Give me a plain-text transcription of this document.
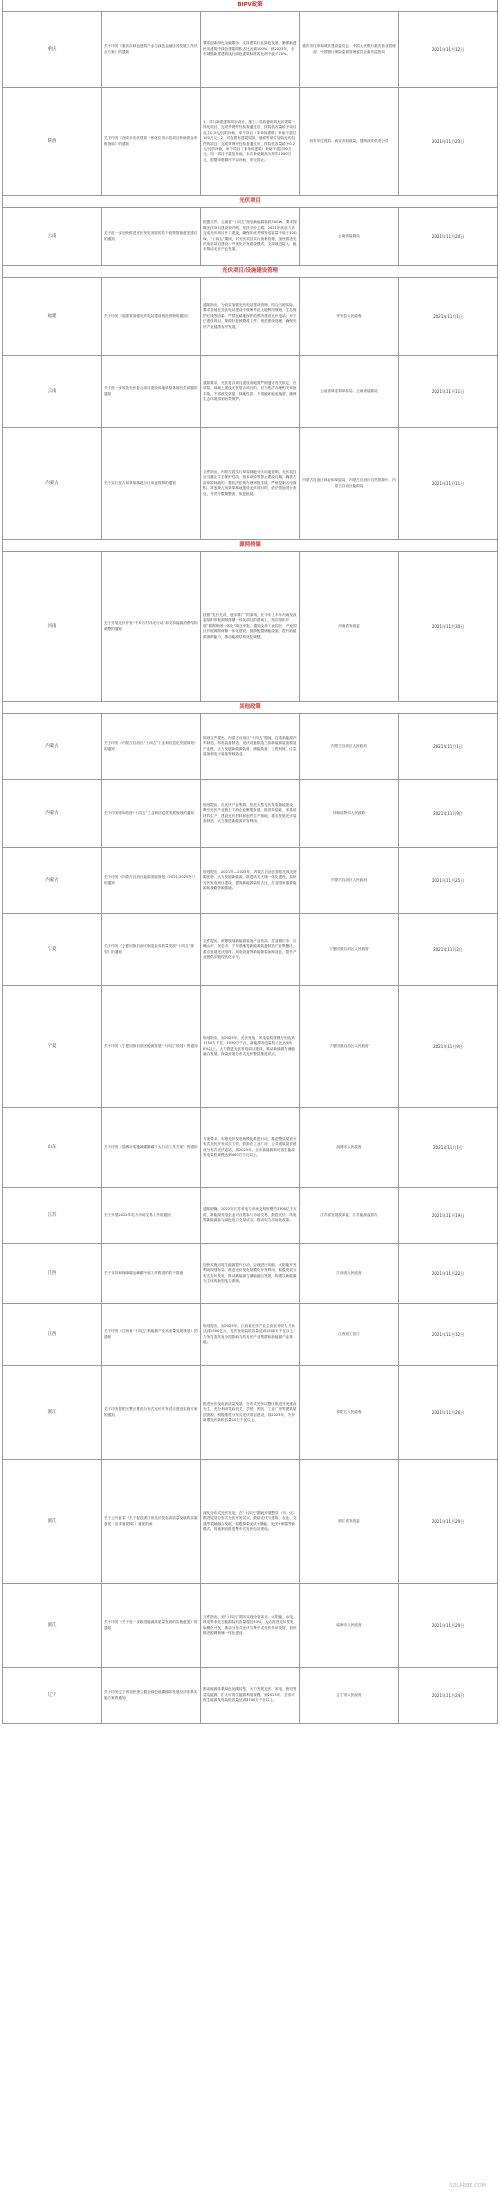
BIPV政策				
重庆	关于印发《重庆市绿色建筑产业与绿色金融协同发展工作试点方案》的通知	要求创新绿色金融服务，支持建筑行业绿色发展，确保新建民用建筑中绿色建筑面积占比达到100%，到2025年，全市城镇新建建筑执行绿色建筑标准的比例不低于70%。	重庆市住房和城乡建设委员会、中国人民银行重庆营业管理部、中国银行保险监督管理委员会重庆监管局	2021年11月12日
陕西	关于印发《西安市光伏建筑一体化应用示范项目补助资金申报指南》的通知	1、对与新建建筑同步设计、施工、验收使用的光伏建筑一体化项目，完成并网并经检查通过后，按装机容量给予项目业主0.3元/瓦的补助，单个项目（非单体建筑）补助不超过100万元；2、对在既有建筑屋顶、墙面等部位加装光伏组件的项目，完成并网并经检查通过后，按装机容量给予0.2元/瓦的补助，单个项目（非单体建筑）补助不超过50万元；同一项目不重复补助。本次补助最高为每年1000万元，根据申报顺序不以补助，申完即止。	西安市住建局、西安市财政局、国网西安供电公司	2021年11月23日
光伏项目				
云南	关于进一步加快推进光伏发电发展的若干政策措施意见建议的通知	根据文件，云南省“十四五”规划新能源装机50GW，要求保障光伏项目建设和并网，坚持平价上网，2021年底前力争完成光伏项目开工建设，确保年底并网发电容量不低于10GW。“十四五”期间，对光伏项目实行备案管理，加快推进光伏电站项目建设，并优化开发建设模式，支持就近接入，稳步推动光伏产业发展。	云南省能源局	2021年11月24日
光伏项目/设施建设管理				
福建	关于印发《福建省加强光伏电站建设规范管理的通知》	通知指出，为切实加强光伏电站建设管理，结合当地实际，要求各地在光伏电站建设中统筹考虑土地利用规划、生态保护红线等因素，严禁在耕地保护范围内建设光伏电站。对于已建设项目，要做好复核整改工作，规范建设管理，确保光伏产业健康有序发展。	华安县人民政府	2021年11月1日
云南	关于进一步规范光伏复合项目建设用地草原林地有关问题的通知	通知要求，光伏复合项目建设用地需严格遵守有关规定，在草原、林地上建设光伏复合项目的，应当依法办理相关审批手续，不得改变草原、林地性质，不得破坏地表植被，确保生态环境得到有效保护。	云南省林业和草原局、云南省能源局	2021年11月11日
内蒙古	关于实行在占用草原林地分区用途管制的通知	文件指出，内蒙古将实行草原林地分区用途管制。光伏项目应当避让生态保护红线、基本草原等禁止建设区域，确需占用草原林地的，要依法依规办理审批手续，严格控制占用面积。对违规占用草原林地建设光伏项目的，依法依规进行查处，并责令限期整改、恢复植被。	内蒙古自治区林业和草原局、内蒙古自治区自然资源厅、内蒙古自治区能源局	2021年11月11日
源网荷储				
河南	关于开展光伏开发“千乡万村沐光行动”和支持能源消费结构调整的通知	按照“先行先试、逐步推广”的原则，在今年上半年河南发改委组织申报源网荷储一体化项目的基础上，再次组织开展“源网荷储一体化”项目申报。通知支持工业园区、产业园区开展源网荷储一体化建设，鼓励配置储能设施，提升新能源消纳能力，推动能源结构优化调整。	河南省发改委	2021年11月30日
其他政策				
内蒙古	关于印发《内蒙古自治区“十四五”工业和信息化发展规划》的通知	规划文件提出，内蒙古自治区“十四五”期间，打造新能源汽车制造、风电装备制造、光伏设备制造三条新能源装备制造产业链，大力发展新能源装备、储能装备、工程机械、应急装备和电子装备等制造业。	内蒙古自治区人民政府	2021年11月1日
内蒙古	关于印发呼和浩特“十四五”工业和信息化发展规划的通知	规划提出，在光伏产业集群，依托大型光伏发电基地建设，吸引光伏产业链上下游企业聚集发展，推进单晶硅、多晶硅材料生产，建设光伏材料和组件生产基地，重点发展光伏装备制造、大力推进新能源开发利用。	呼和浩特市人民政府	2021年11月9日
内蒙古	关于印发《内蒙古自治区能源发展规划（2021-2025年）》的通知	规划提出，2021年—2025年，内蒙古自治区将依托风光资源优势，大力发展新能源，推进风光火储一体化建设，加快光伏发电项目建设，提高新能源装机占比，打造国家重要能源和战略资源基地。	内蒙古自治区人民政府	2021年11月25日
宁夏	关于印发《宁夏回族自治区制造业高质量发展“十四五”规划》的通知	文件提出，统筹规划新能源装备产业布局，打造银川市、石嘴山市、吴忠市、宁东基地等新能源装备制造产业集聚区，重点发展光伏组件、风电设备等新能源装备制造业，提升产业链供应链现代化水平。	宁夏回族自治区人民政府	2021年11月2日
宁夏	关于印发《宁夏回族自治区能源发展“十四五”规划》的通知	规划指出，到2025年，光伏发电、风电装机规模分别达到1750万千瓦、1550万千瓦，新能源发电装机占比达到50%以上。大力推进光伏发电项目建设，推动新能源与储能融合发展，探索开展分布式光伏整县推进试点。	宁夏回族自治区人民政府	2021年11月9日
山东	关于印发《淄博市实施减碳降碳十大行动工作方案》的通知	方案要求，实施光伏发电规模化推进行动，推进整县屋顶分布式光伏开发试点工作，鼓励在工业厂房、公共建筑屋顶建设分布式光伏电站。到2025年，全市新能源和可再生能源发电装机规模达到400万千瓦以上。	淄博市人民政府	2021年11月1日
江苏	关于开展2022年电力市场交易工作的通知	通知明确，2022年江苏省电力市场交易规模约3300亿千瓦时，新能源发电企业可自愿参与市场交易，鼓励光伏、风电等新能源参与绿色电力交易试点，推动电力市场化改革。	江苏省发展改革委、江苏能源监管办	2021年11月19日
江西	关于支持和保障碳达峰碳中和工作推进的若干措施	加快实施可再生能源替代行动，合理进行风能、太阳能开发利用规划布局，推进光伏发电规模化开发利用，积极发展分布式光伏发电，推动新能源与储能融合发展，构建以新能源为主体的新型电力系统。	江西省人民政府	2021年11月22日
江西	关于印发《江西省“十四五”新能源产业高质量发展规划》的通知	规划提出，到2025年，江西省光伏产业主营业务收入力争达到2500亿元，光伏发电装机容量达到1500万千瓦以上，力争打造具有全国影响力的光伏产业集群和新能源产业基地。	江西省工信厅	2021年11月12日
浙江	关于印发普陀区整区推进分布式光伏开发试点建设实施方案的通知	推进光伏发电高质量发展，分布式光伏以整区推进开发建设为主，充分利用党政机关、学校、医院、工业厂房等建筑屋顶资源，积极推进分布式光伏项目建设，到2023年，力争新增光伏装机容量10万千瓦以上。	普陀区人民政府	2021年11月26日
浙江	关于公开征求《关于促进浙江省光伏发电高质量发展的实施意见（征求意见稿）》意见的函	深化分布式光伏发电，在“十四五”期间开展整县（市、区）推进屋顶分布式光伏开发试点，鼓励光伏与建筑、农业、交通等领域融合发展，积极探索光伏+储能、光伏+制氢等新模式，因地制宜推进集中式光伏电站建设。	浙江省发改委	2021年11月29日
浙江	关于印发《关于进一步推进能源高质量发展的实施意见》的通知	文件指出，到“十四五”期末实现全省风光、太阳能、水电、核电等非化石能源装机容量超过50%，大力推进光伏发电规模化开发，推动分布式光伏与集中式光伏并举发展，加快推进源网荷储一体化建设。	临海市人民政府	2021年11月29日
辽宁	关于印发辽宁省加快建立健全绿色低碳循环发展经济体系实施方案的通知	推动能源体系绿色低碳转型，大力发展光伏、风电、核电等清洁能源，扩大可再生能源利用规模，到2025年，全省可再生能源发电装机容量达到3700万千瓦以上。	辽宁省人民政府	2021年11月24日
SOLARBE.COM
